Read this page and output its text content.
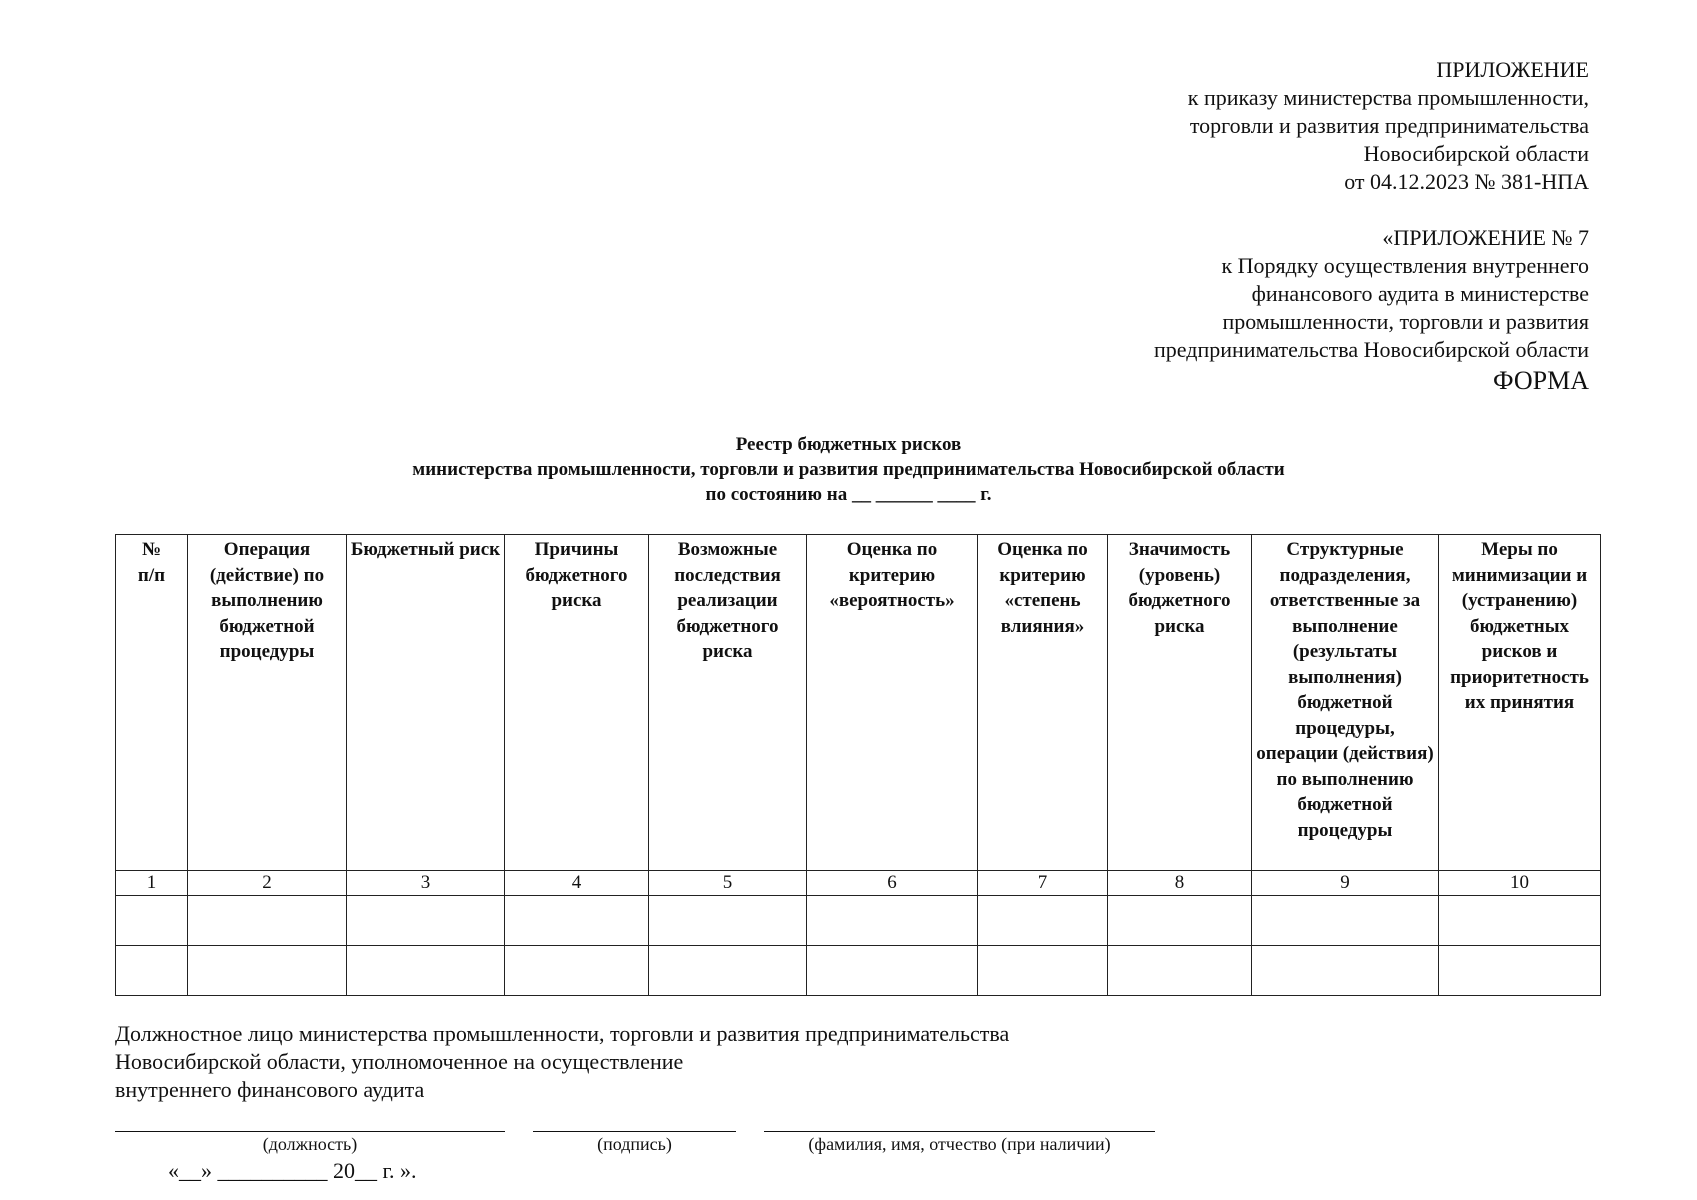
ПРИЛОЖЕНИЕ
к приказу министерства промышленности,
торговли и развития предпринимательства
Новосибирской области
от 04.12.2023 № 381-НПА
«ПРИЛОЖЕНИЕ № 7
к Порядку осуществления внутреннего
финансового аудита в министерстве
промышленности, торговли и развития
предпринимательства Новосибирской области
ФОРМА
Реестр бюджетных рисков
министерства промышленности, торговли и развития предпринимательства Новосибирской области
по состоянию на __ ______ ____ г.
№
п/п	Операция (действие) по выполнению бюджетной процедуры	Бюджетный риск	Причины бюджетного риска	Возможные последствия реализации бюджетного риска	Оценка по критерию «вероятность»	Оценка по критерию «степень влияния»	Значимость (уровень) бюджетного риска	Структурные подразделения, ответственные за выполнение (результаты выполнения) бюджетной процедуры, операции (действия) по выполнению бюджетной процедуры	Меры по минимизации и (устранению) бюджетных рисков и приоритетность их принятия
1	2	3	4	5	6	7	8	9	10

Должностное лицо министерства промышленности, торговли и развития предпринимательства
Новосибирской области, уполномоченное на осуществление
внутреннего финансового аудита
(должность)	(подпись)	(фамилия, имя, отчество (при наличии)
«__» __________ 20__ г. ».
